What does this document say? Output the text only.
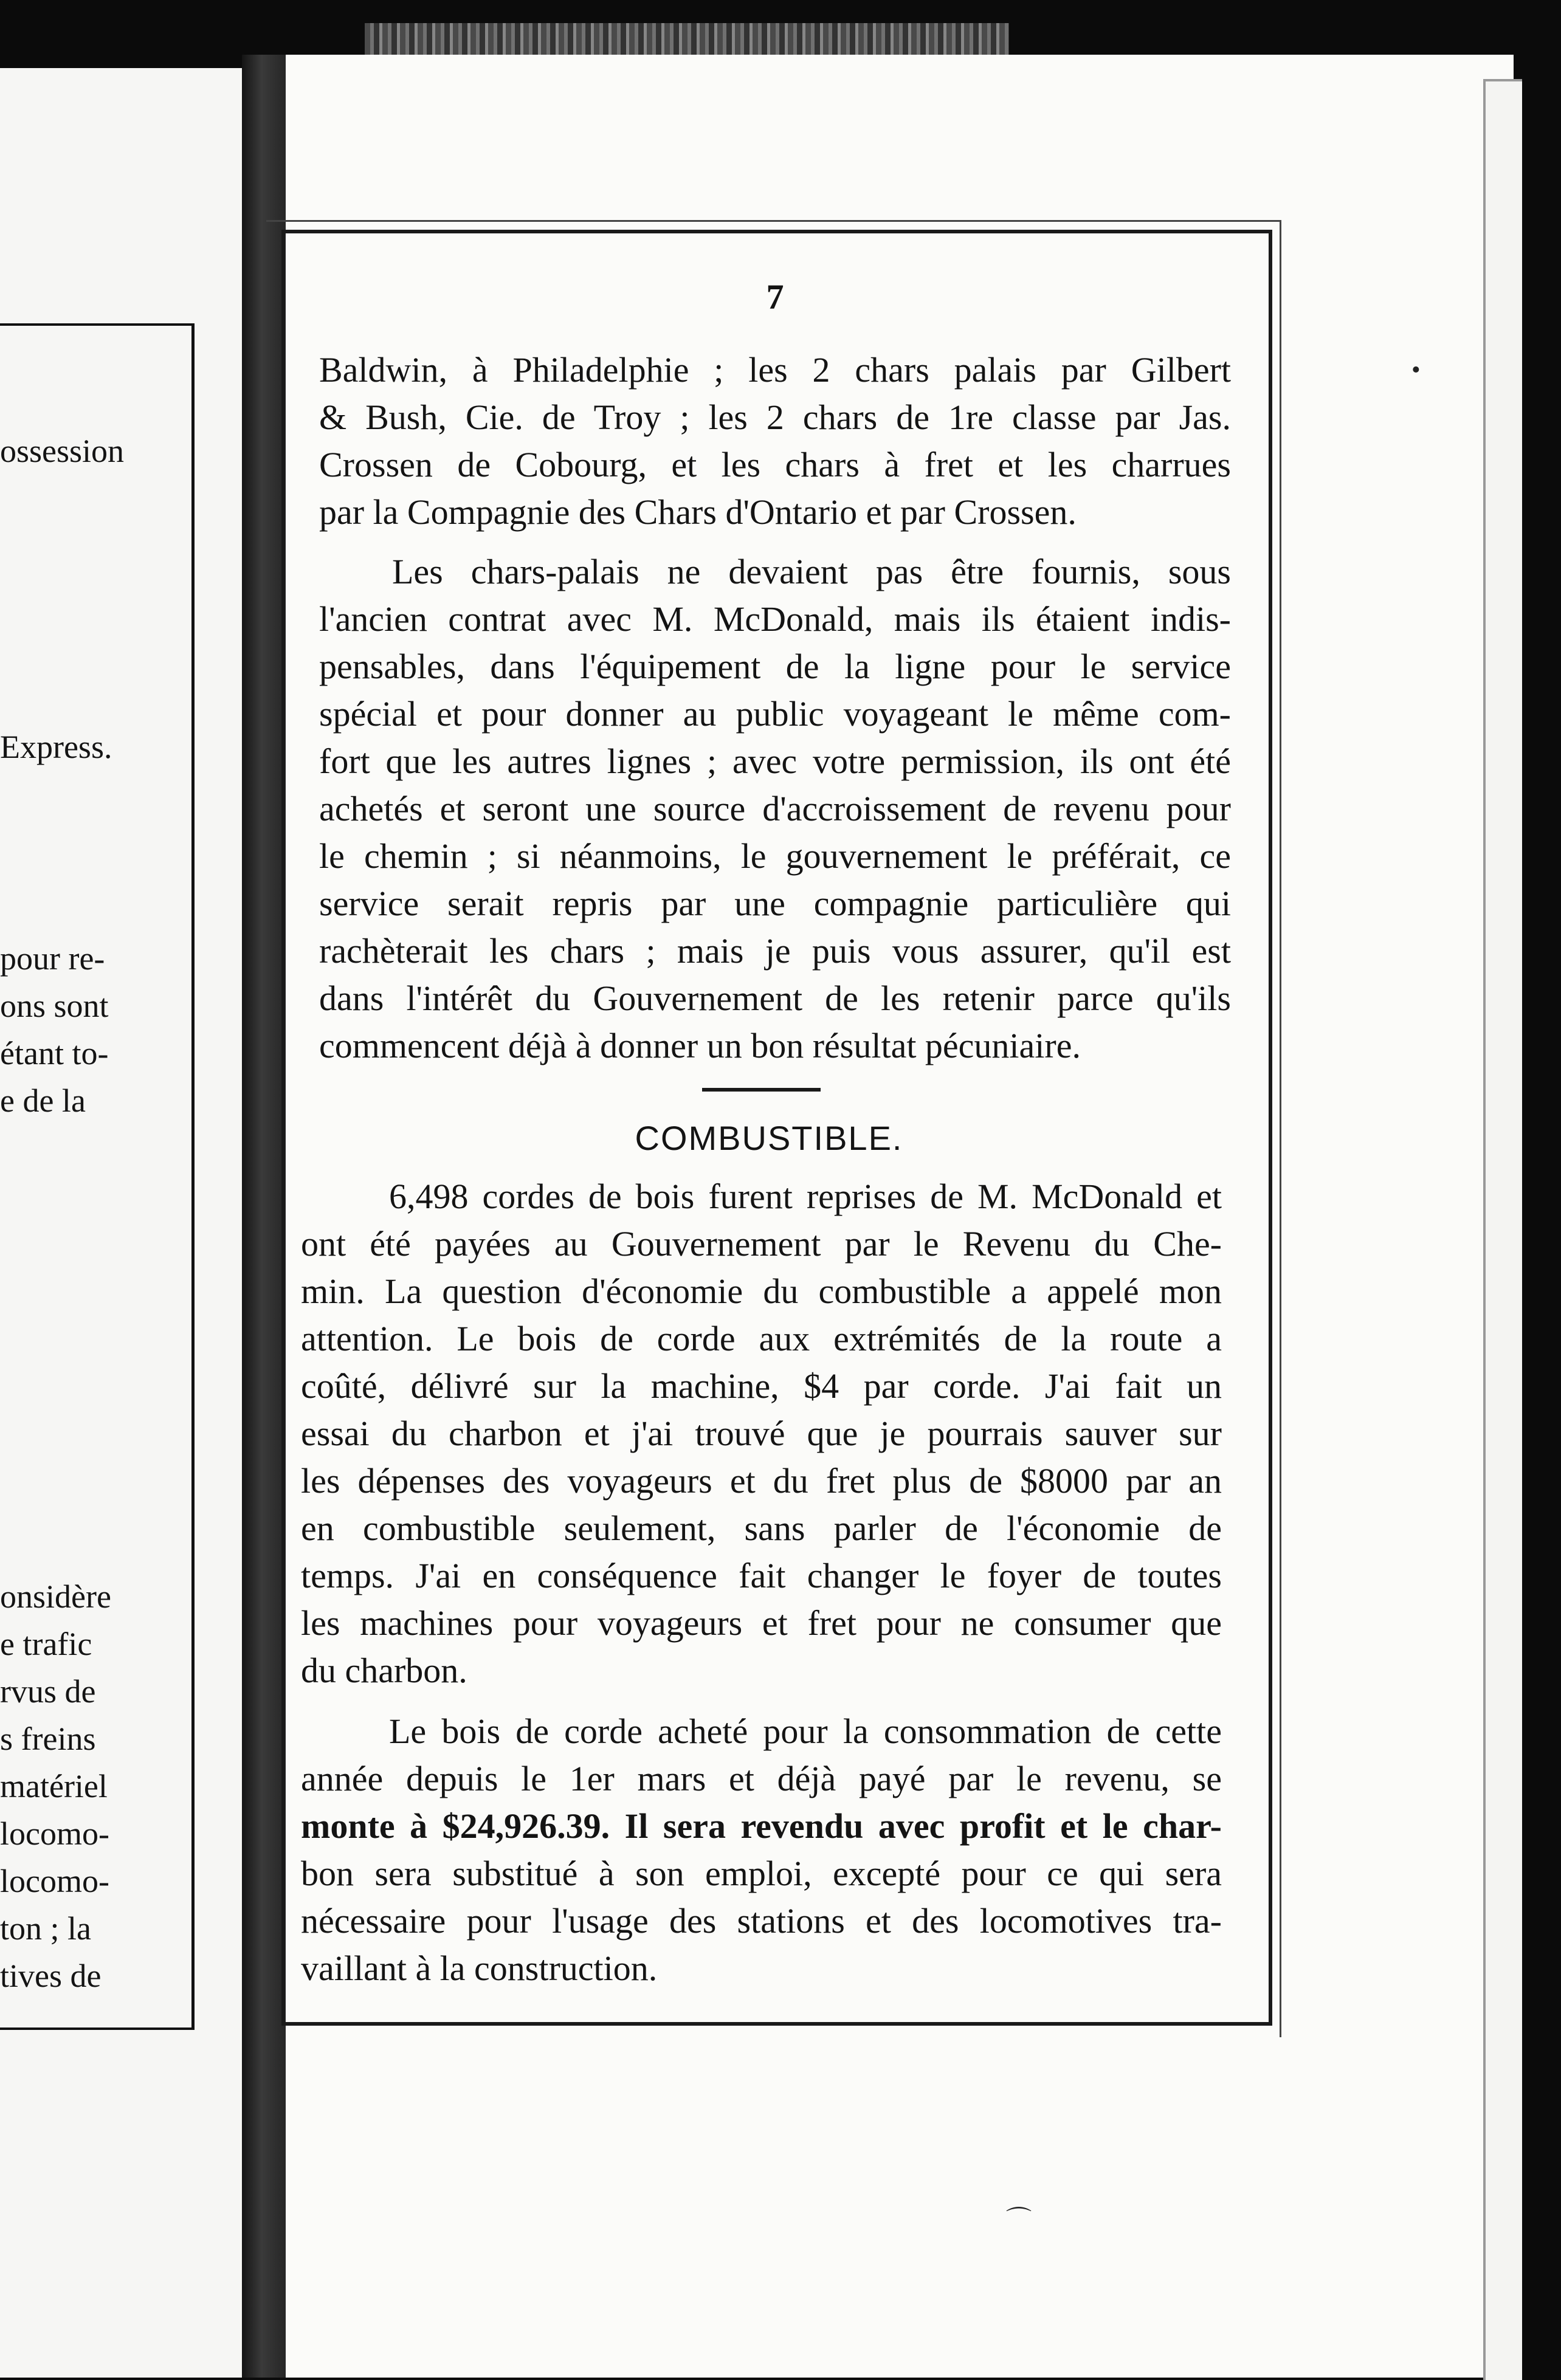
ossession
Express.
pour re-
ons sont
étant to-
e de la
onsidère
e trafic
rvus de
s freins
matériel
locomo-
locomo-
ton ; la
tives de
7
Baldwin, à Philadelphie ; les 2 chars palais par Gilbert
& Bush, Cie. de Troy ; les 2 chars de 1re classe par Jas.
Crossen de Cobourg, et les chars à fret et les charrues
par la Compagnie des Chars d'Ontario et par Crossen.
Les chars-palais ne devaient pas être fournis, sous
l'ancien contrat avec M. McDonald, mais ils étaient indis-
pensables, dans l'équipement de la ligne pour le service
spécial et pour donner au public voyageant le même com-
fort que les autres lignes ; avec votre permission, ils ont été
achetés et seront une source d'accroissement de revenu pour
le chemin ; si néanmoins, le gouvernement le préférait, ce
service serait repris par une compagnie particulière qui
rachèterait les chars ; mais je puis vous assurer, qu'il est
dans l'intérêt du Gouvernement de les retenir parce qu'ils
commencent déjà à donner un bon résultat pécuniaire.
COMBUSTIBLE.
6,498 cordes de bois furent reprises de M. McDonald et
ont été payées au Gouvernement par le Revenu du Che-
min. La question d'économie du combustible a appelé mon
attention. Le bois de corde aux extrémités de la route a
coûté, délivré sur la machine, $4 par corde. J'ai fait un
essai du charbon et j'ai trouvé que je pourrais sauver sur
les dépenses des voyageurs et du fret plus de $8000 par an
en combustible seulement, sans parler de l'économie de
temps. J'ai en conséquence fait changer le foyer de toutes
les machines pour voyageurs et fret pour ne consumer que
du charbon.
Le bois de corde acheté pour la consommation de cette
année depuis le 1er mars et déjà payé par le revenu, se
monte à $24,926.39. Il sera revendu avec profit et le char-
bon sera substitué à son emploi, excepté pour ce qui sera
nécessaire pour l'usage des stations et des locomotives tra-
vaillant à la construction.
•
⌒
